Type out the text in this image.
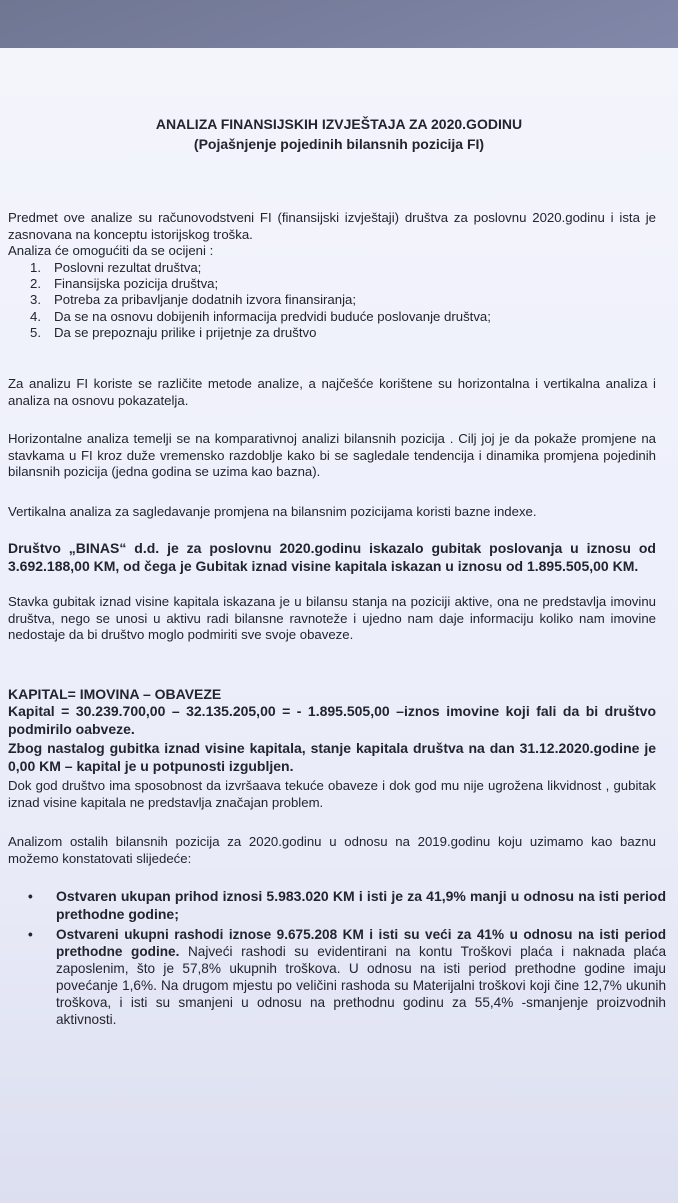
ANALIZA FINANSIJSKIH IZVJEŠTAJA ZA 2020.GODINU
(Pojašnjenje pojedinih bilansnih pozicija FI)

Predmet ove analize su računovodstveni FI (finansijski izvještaji) društva za poslovnu 2020.godinu i ista je zasnovana na konceptu istorijskog troška.

Analiza će omogućiti da se ocijeni :

1. Poslovni rezultat društva;
2. Finansijska pozicija društva;
3. Potreba za pribavljanje dodatnih izvora finansiranja;
4. Da se na osnovu dobijenih informacija predvidi buduće poslovanje društva;
5. Da se prepoznaju prilike i prijetnje za društvo

Za analizu FI koriste se različite metode analize, a najčešće korištene su horizontalna i vertikalna analiza i analiza na osnovu pokazatelja.

Horizontalne analiza temelji se na komparativnoj analizi bilansnih pozicija . Cilj joj je da pokaže promjene na stavkama u FI kroz duže vremensko razdoblje kako bi se sagledale tendencija i dinamika promjena pojedinih bilansnih pozicija (jedna godina se uzima kao bazna).

Vertikalna analiza za sagledavanje promjena na bilansnim pozicijama koristi bazne indexe.

Društvo „BINAS“ d.d. je za poslovnu 2020.godinu iskazalo gubitak poslovanja u iznosu od 3.692.188,00 KM, od čega je Gubitak iznad visine kapitala iskazan u iznosu od 1.895.505,00 KM.

Stavka gubitak iznad visine kapitala iskazana je u bilansu stanja na poziciji aktive, ona ne predstavlja imovinu društva, nego se unosi u aktivu radi bilansne ravnoteže i ujedno nam daje informaciju koliko nam imovine nedostaje da bi društvo moglo podmiriti sve svoje obaveze.

KAPITAL= IMOVINA – OBAVEZE

Kapital = 30.239.700,00 – 32.135.205,00 = - 1.895.505,00 –iznos imovine koji fali da bi društvo podmirilo oabveze.

Zbog nastalog gubitka iznad visine kapitala, stanje kapitala društva na dan 31.12.2020.godine je 0,00 KM – kapital je u potpunosti izgubljen.

Dok god društvo ima sposobnost da izvršaava tekuće obaveze i dok god mu nije ugrožena likvidnost , gubitak iznad visine kapitala ne predstavlja značajan problem.

Analizom ostalih bilansnih pozicija za 2020.godinu u odnosu na 2019.godinu koju uzimamo kao baznu možemo konstatovati slijedeće:

•	Ostvaren ukupan prihod iznosi 5.983.020 KM i isti je za 41,9% manji u odnosu na isti period prethodne godine;
•	Ostvareni ukupni rashodi iznose 9.675.208 KM i isti su veći za 41% u odnosu na isti period prethodne godine. Najveći rashodi su evidentirani na kontu Troškovi plaća i naknada plaća zaposlenim, što je 57,8% ukupnih troškova. U odnosu na isti period prethodne godine imaju povećanje 1,6%. Na drugom mjestu po veličini rashoda su Materijalni troškovi koji čine 12,7% ukunih troškova, i isti su smanjeni u odnosu na prethodnu godinu za 55,4% -smanjenje proizvodnih aktivnosti.
